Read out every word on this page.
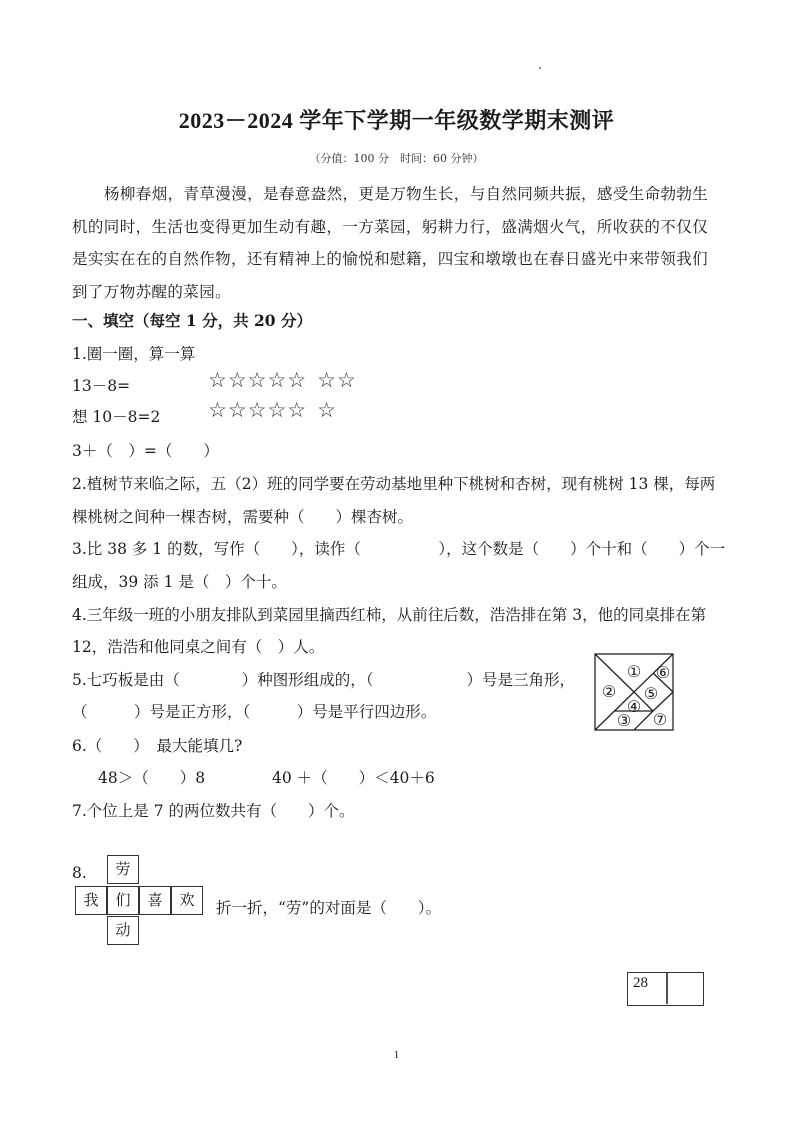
2023－2024 学年下学期一年级数学期末测评
（分值：100 分　时间：60 分钟）
杨柳春烟，青草漫漫，是春意盎然，更是万物生长，与自然同频共振，感受生命勃勃生机的同时，生活也变得更加生动有趣，一方菜园，躬耕力行，盛满烟火气，所收获的不仅仅是实实在在的自然作物，还有精神上的愉悦和慰籍，四宝和墩墩也在春日盛光中来带领我们到了万物苏醒的菜园。
一、填空（每空 1 分，共 20 分）
1.圈一圈，算一算
13－8=
想 10－8=2
3＋（　）=（　　）
☆☆☆☆☆ ☆☆
☆☆☆☆☆ ☆
2.植树节来临之际，五（2）班的同学要在劳动基地里种下桃树和杏树，现有桃树 13 棵，每两
棵桃树之间种一棵杏树，需要种（　　）棵杏树。
3.比 38 多 1 的数，写作（　　），读作（　　　　　），这个数是（　　）个十和（　　）个一
组成，39 添 1 是（　）个十。
4.三年级一班的小朋友排队到菜园里摘西红柿，从前往后数，浩浩排在第 3，他的同桌排在第
12，浩浩和他同桌之间有（　）人。
5.七巧板是由（　　　　）种图形组成的，（　　　　　　）号是三角形，
（　　　）号是正方形，（　　　）号是平行四边形。
①
②
③
④
⑤
⑥
⑦
6.（　　）　最大能填几?
48＞（　　）8	40 ＋（　　）＜40＋6
7.个位上是 7 的两位数共有（　　）个。
8.	劳
我	们	喜	欢
动
折一折，“劳”的对面是（　　）。
28
1
